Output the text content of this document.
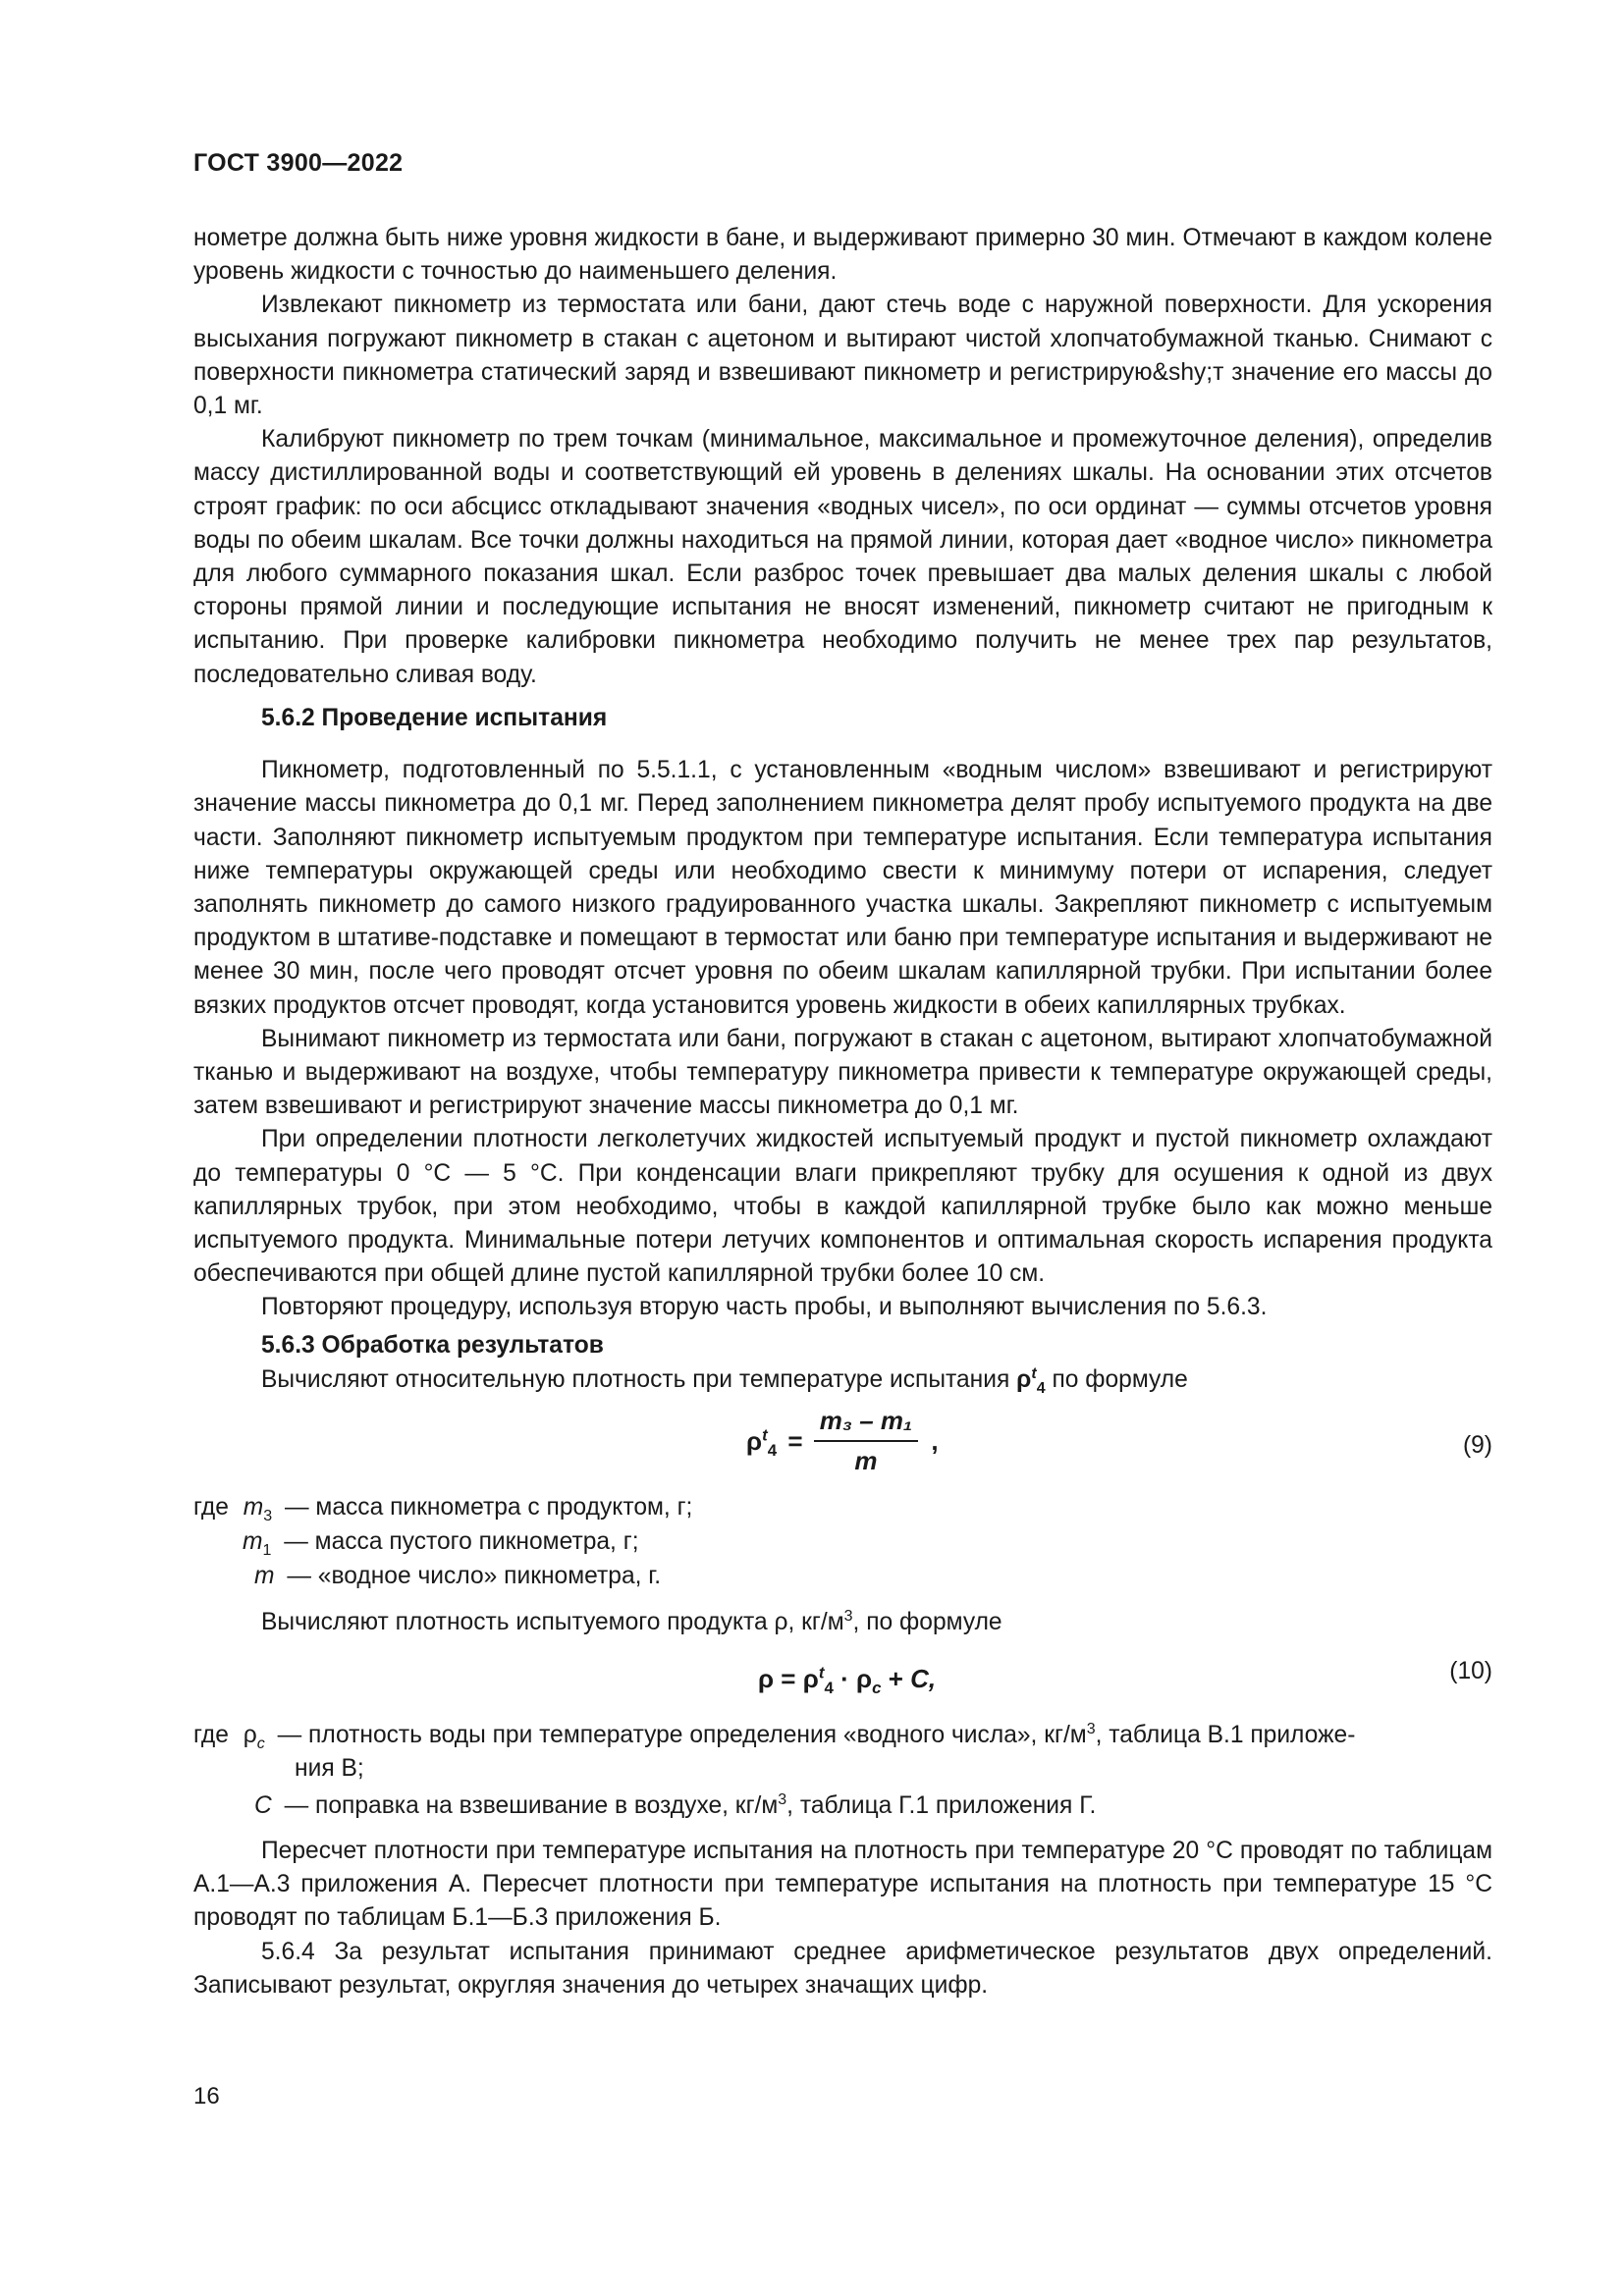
ГОСТ 3900—2022

нометре должна быть ниже уровня жидкости в бане, и выдерживают примерно 30 мин. Отмечают в каждом колене уровень жидкости с точностью до наименьшего деления.

Извлекают пикнометр из термостата или бани, дают стечь воде с наружной поверхности. Для ускорения высыхания погружают пикнометр в стакан с ацетоном и вытирают чистой хлопчатобумажной тканью. Снимают с поверхности пикнометра статический заряд и взвешивают пикнометр и регистрирую&shy;т значение его массы до 0,1 мг.

Калибруют пикнометр по трем точкам (минимальное, максимальное и промежуточное деления), определив массу дистиллированной воды и соответствующий ей уровень в делениях шкалы. На основании этих отсчетов строят график: по оси абсцисс откладывают значения «водных чисел», по оси ординат — суммы отсчетов уровня воды по обеим шкалам. Все точки должны находиться на прямой линии, которая дает «водное число» пикнометра для любого суммарного показания шкал. Если разброс точек превышает два малых деления шкалы с любой стороны прямой линии и последующие испытания не вносят изменений, пикнометр считают не пригодным к испытанию. При проверке калибровки пикнометра необходимо получить не менее трех пар результатов, последовательно сливая воду.

5.6.2 Проведение испытания

Пикнометр, подготовленный по 5.5.1.1, с установленным «водным числом» взвешивают и регистрируют значение массы пикнометра до 0,1 мг. Перед заполнением пикнометра делят пробу испытуемого продукта на две части. Заполняют пикнометр испытуемым продуктом при температуре испытания. Если температура испытания ниже температуры окружающей среды или необходимо свести к минимуму потери от испарения, следует заполнять пикнометр до самого низкого градуированного участка шкалы. Закрепляют пикнометр с испытуемым продуктом в штативе-подставке и помещают в термостат или баню при температуре испытания и выдерживают не менее 30 мин, после чего проводят отсчет уровня по обеим шкалам капиллярной трубки. При испытании более вязких продуктов отсчет проводят, когда установится уровень жидкости в обеих капиллярных трубках.

Вынимают пикнометр из термостата или бани, погружают в стакан с ацетоном, вытирают хлопчатобумажной тканью и выдерживают на воздухе, чтобы температуру пикнометра привести к температуре окружающей среды, затем взвешивают и регистрируют значение массы пикнометра до 0,1 мг.

При определении плотности легколетучих жидкостей испытуемый продукт и пустой пикнометр охлаждают до температуры 0 °С — 5 °С. При конденсации влаги прикрепляют трубку для осушения к одной из двух капиллярных трубок, при этом необходимо, чтобы в каждой капиллярной трубке было как можно меньше испытуемого продукта. Минимальные потери летучих компонентов и оптимальная скорость испарения продукта обеспечиваются при общей длине пустой капиллярной трубки более 10 см.

Повторяют процедуру, используя вторую часть пробы, и выполняют вычисления по 5.6.3.

5.6.3 Обработка результатов

Вычисляют относительную плотность при температуре испытания $\rho^t_4$ по формуле
$\rho^t_4 = \frac{\text{m₃ – m₁}}{m}$ ,	(9)
где $m_3$ — масса пикнометра с продуктом, г;
$m_1$ — масса пустого пикнометра, г;
m — «водное число» пикнометра, г.
Вычисляют плотность испытуемого продукта ρ, $кг/м^3$, по формуле
$\rho = \rho^t_4 \cdot \rho_c + C$,	(10)
где $\rho_c$ — плотность воды при температуре определения «водного числа», $кг/м^3$, таблица В.1 приложе-
ния В;
C — поправка на взвешивание в воздухе, $кг/м^3$, таблица Г.1 приложения Г.

Пересчет плотности при температуре испытания на плотность при температуре 20 °С проводят по таблицам А.1—А.3 приложения А. Пересчет плотности при температуре испытания на плотность при температуре 15 °С проводят по таблицам Б.1—Б.3 приложения Б.

5.6.4 За результат испытания принимают среднее арифметическое результатов двух определений. Записывают результат, округляя значения до четырех значащих цифр.

16
